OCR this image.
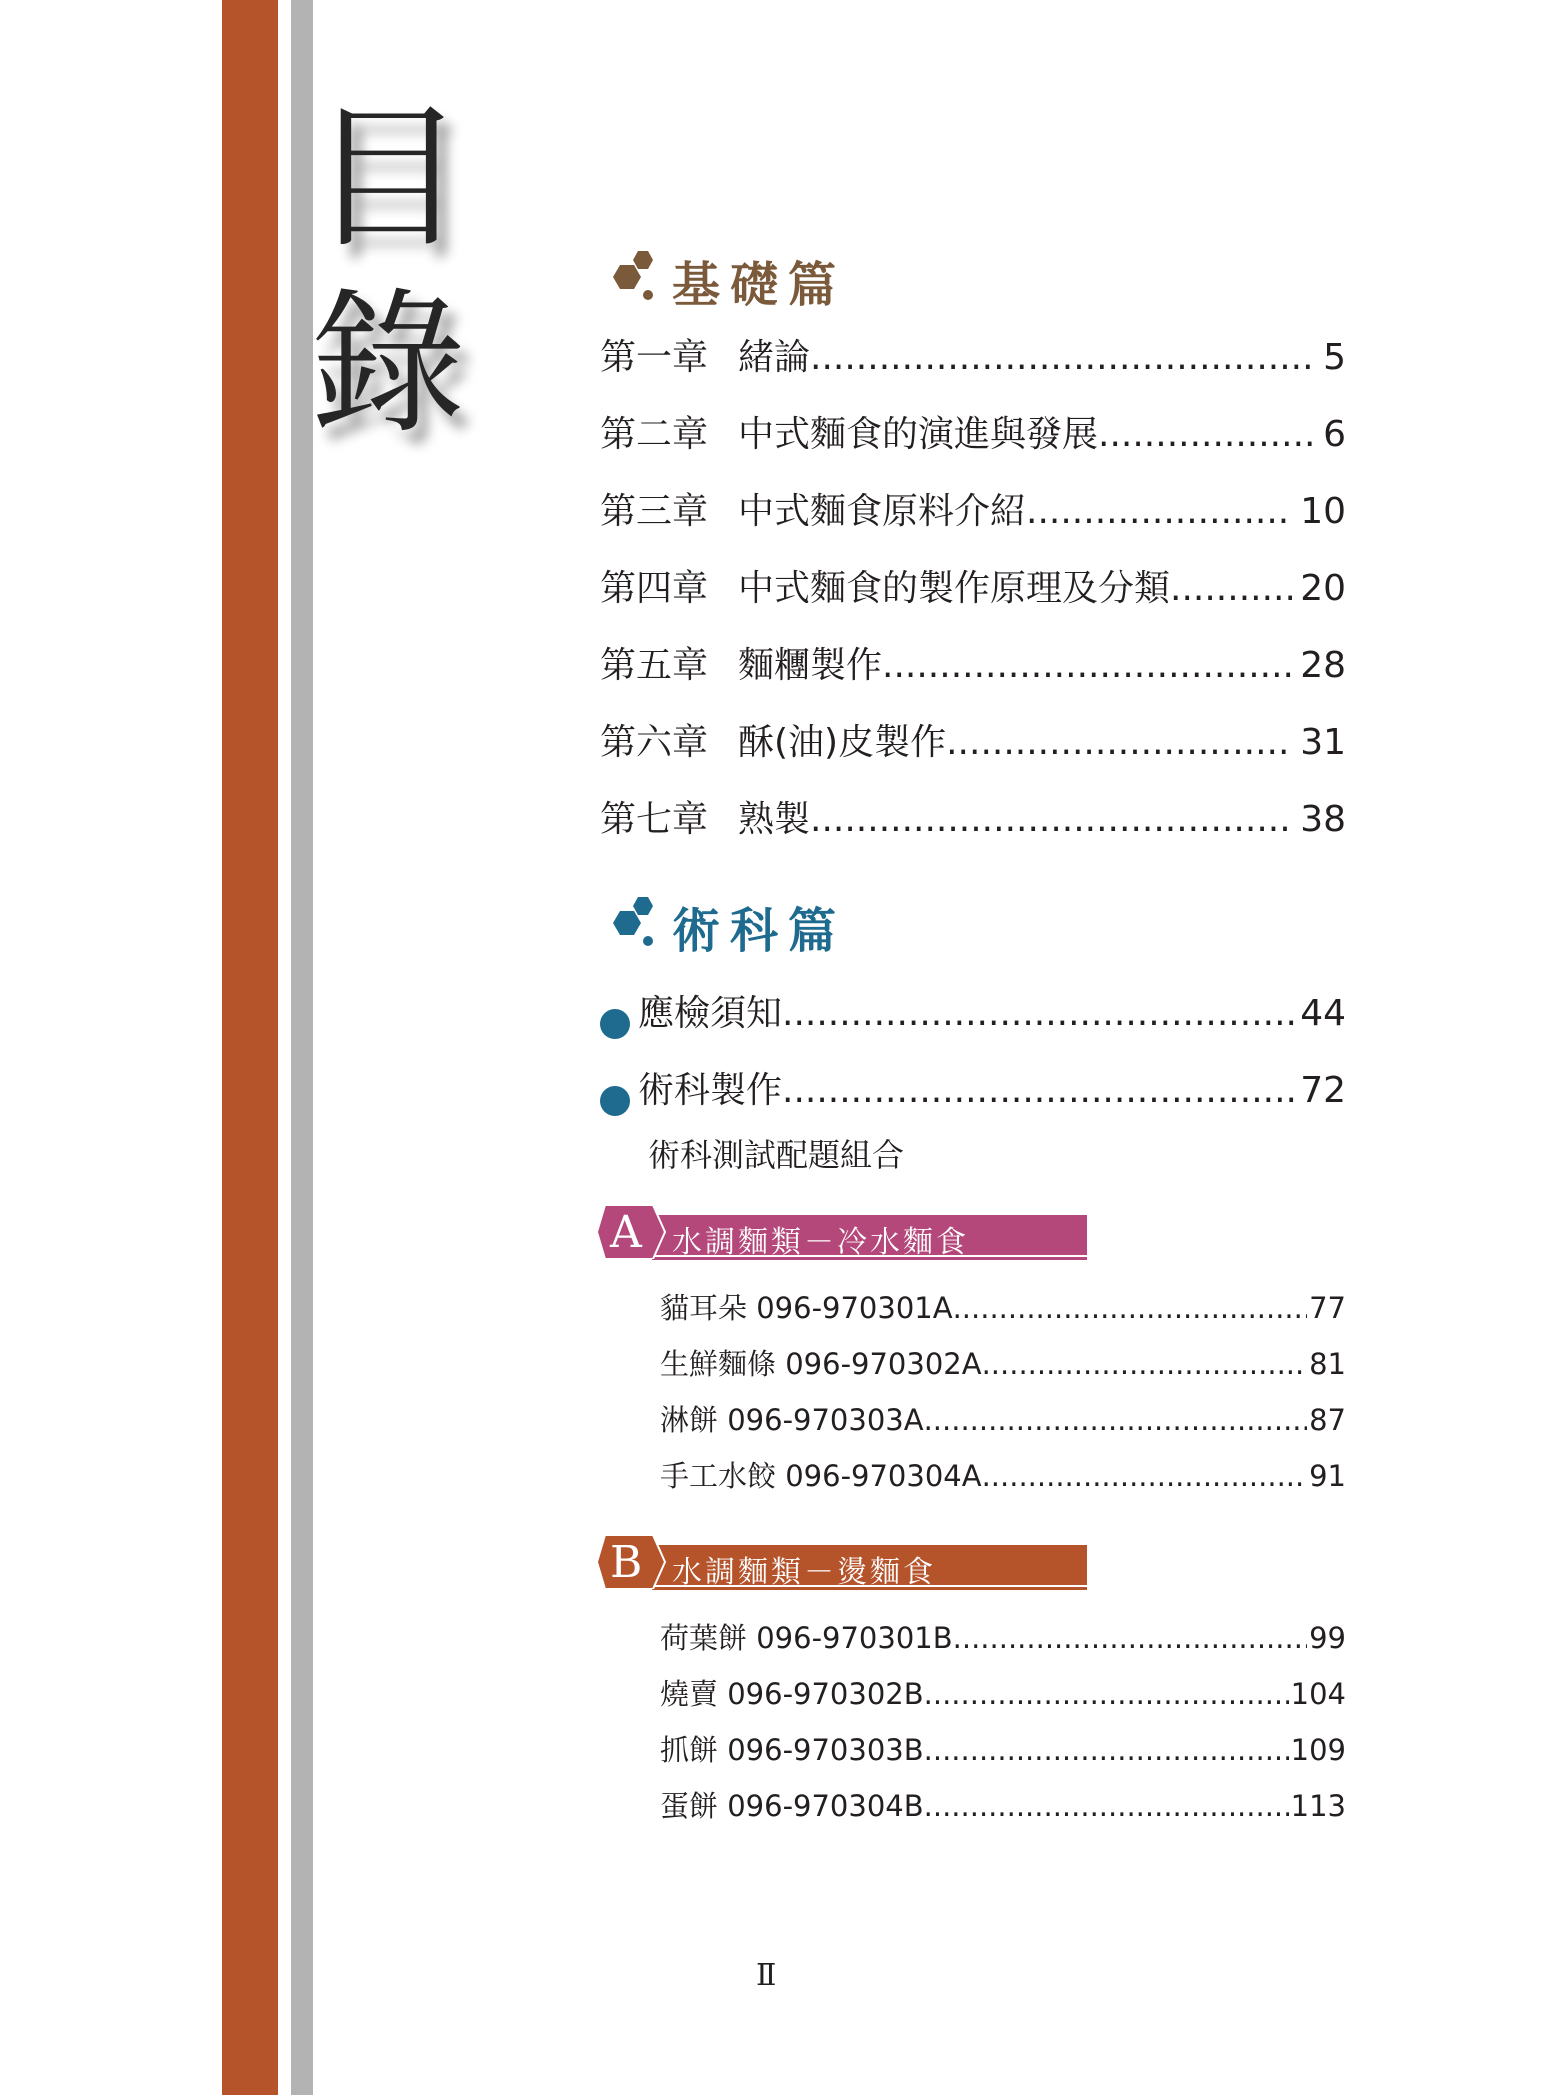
目
錄	基礎篇
第一章 緒論 .....	5
第二章 中式麵食的演進與發展 .....	6
第三章 中式麵食原料介紹 .....	10
第四章 中式麵食的製作原理及分類 .....	20
第五章 麵糰製作 .....	28
第六章 酥(油)皮製作 .....	31
第七章 熟製 .....	38
術科篇
應檢須知 .....	44
術科製作 .....	72
術科測試配題組合
A 水調麵類－冷水麵食
貓耳朵 096-970301A .....	77
生鮮麵條 096-970302A .....	81
淋餅 096-970303A .....	87
手工水餃 096-970304A .....	91
B 水調麵類－燙麵食
荷葉餅 096-970301B .....	99
燒賣 096-970302B .....	104
抓餅 096-970303B .....	109
蛋餅 096-970304B .....	113
Ⅱ
